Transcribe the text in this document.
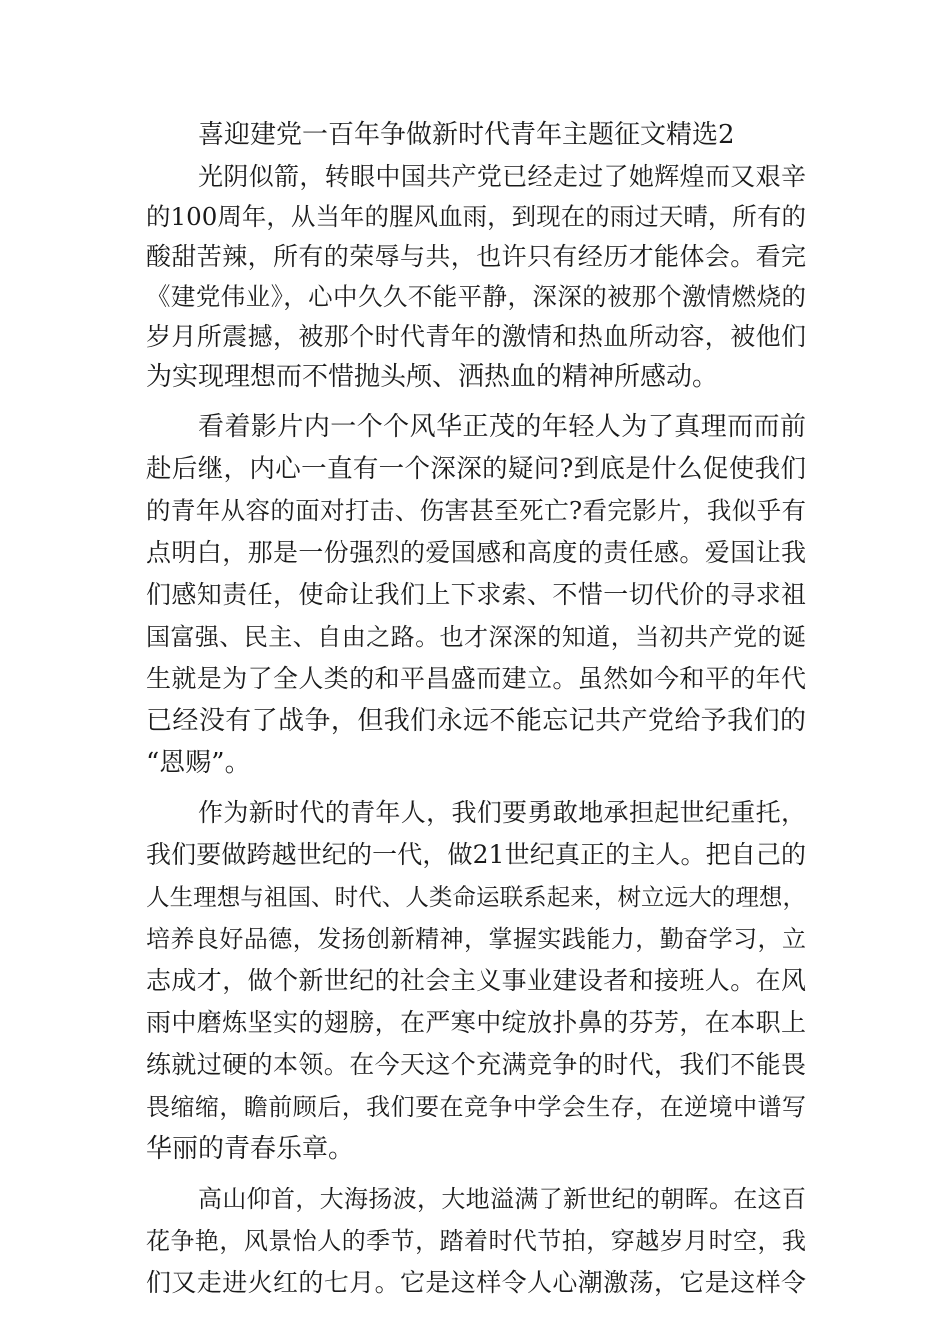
喜迎建党一百年争做新时代青年主题征文精选2
光阴似箭，转眼中国共产党已经走过了她辉煌而又艰辛
的100周年，从当年的腥风血雨，到现在的雨过天晴，所有的
酸甜苦辣，所有的荣辱与共，也许只有经历才能体会。看完
《建党伟业》，心中久久不能平静，深深的被那个激情燃烧的
岁月所震撼，被那个时代青年的激情和热血所动容，被他们
为实现理想而不惜抛头颅、洒热血的精神所感动。
看着影片内一个个风华正茂的年轻人为了真理而而前
赴后继，内心一直有一个深深的疑问?到底是什么促使我们
的青年从容的面对打击、伤害甚至死亡?看完影片，我似乎有
点明白，那是一份强烈的爱国感和高度的责任感。爱国让我
们感知责任，使命让我们上下求索、不惜一切代价的寻求祖
国富强、民主、自由之路。也才深深的知道，当初共产党的诞
生就是为了全人类的和平昌盛而建立。虽然如今和平的年代
已经没有了战争，但我们永远不能忘记共产党给予我们的
“恩赐”。
作为新时代的青年人，我们要勇敢地承担起世纪重托，
我们要做跨越世纪的一代，做21世纪真正的主人。把自己的
人生理想与祖国、时代、人类命运联系起来，树立远大的理想，
培养良好品德，发扬创新精神，掌握实践能力，勤奋学习，立
志成才，做个新世纪的社会主义事业建设者和接班人。在风
雨中磨炼坚实的翅膀，在严寒中绽放扑鼻的芬芳，在本职上
练就过硬的本领。在今天这个充满竞争的时代，我们不能畏
畏缩缩，瞻前顾后，我们要在竞争中学会生存，在逆境中谱写
华丽的青春乐章。
高山仰首，大海扬波，大地溢满了新世纪的朝晖。在这百
花争艳，风景怡人的季节，踏着时代节拍，穿越岁月时空，我
们又走进火红的七月。它是这样令人心潮激荡，它是这样令
